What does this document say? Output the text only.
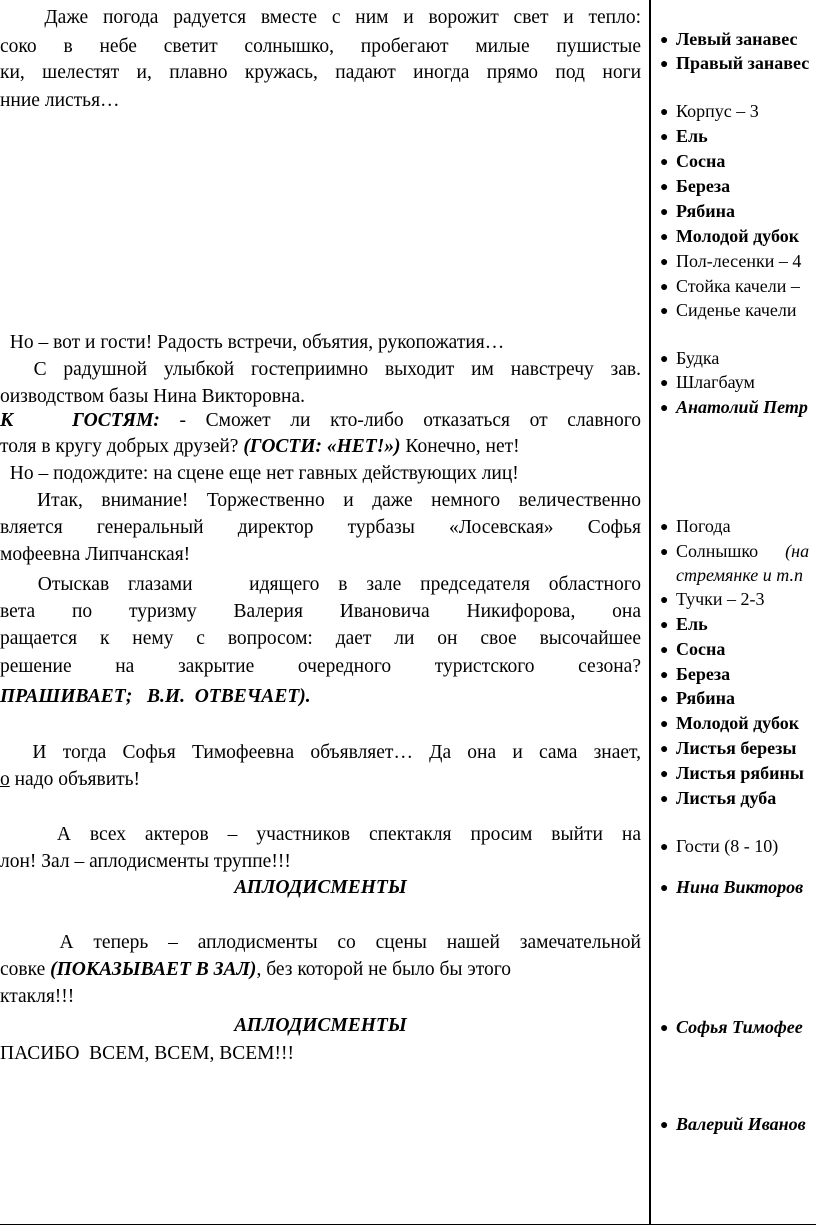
Даже погода радуется вместе с ним и ворожит свет и тепло:
соко в небе светит солнышко, пробегают милые пушистые
ки, шелестят и, плавно кружась, падают иногда прямо под ноги
нние листья…
Но – вот и гости! Радость встречи, объятия, рукопожатия…
С радушной улыбкой гостеприимно выходит им навстречу зав.
оизводством базы Нина Викторовна.
К   ГОСТЯМ: - Сможет ли кто-либо отказаться от славного
толя в кругу добрых друзей? (ГОСТИ: «НЕТ!») Конечно, нет!
Но – подождите: на сцене еще нет гавных действующих лиц!
Итак, внимание! Торжественно и даже немного величественно
вляется генеральный директор турбазы «Лосевская» Софья
мофеевна Липчанская!
Отыскав глазами   идящего в зале председателя областного
вета по туризму Валерия Ивановича Никифорова, она
ращается к нему с вопросом: дает ли он свое высочайшее
решение на закрытие очередного туристского сезона?
ПРАШИВАЕТ;   В.И.  ОТВЕЧАЕТ).
И тогда Софья Тимофеевна объявляет… Да она и сама знает,
о надо объявить!
А всех актеров – участников спектакля просим выйти на
лон! Зал – аплодисменты труппе!!!
АПЛОДИСМЕНТЫ
А теперь – аплодисменты со сцены нашей замечательной
совке (ПОКАЗЫВАЕТ В ЗАЛ), без которой не было бы этого
ктакля!!!
АПЛОДИСМЕНТЫ
ПАСИБО  ВСЕМ, ВСЕМ, ВСЕМ!!!
● Левый занавес
● Правый занавес
● Корпус – 3
● Ель
● Сосна
● Береза
● Рябина
● Молодой дубок
● Пол-лесенки – 4
● Стойка качели –
● Сиденье качели
● Будка
● Шлагбаум
● Анатолий Петр
● Погода
● Солнышко      (на
стремянке и т.п
● Тучки – 2-3
● Ель
● Сосна
● Береза
● Рябина
● Молодой дубок
● Листья березы
● Листья рябины
● Листья дуба
● Гости (8 - 10)
● Нина Викторов
● Софья Тимофее
● Валерий Иванов
